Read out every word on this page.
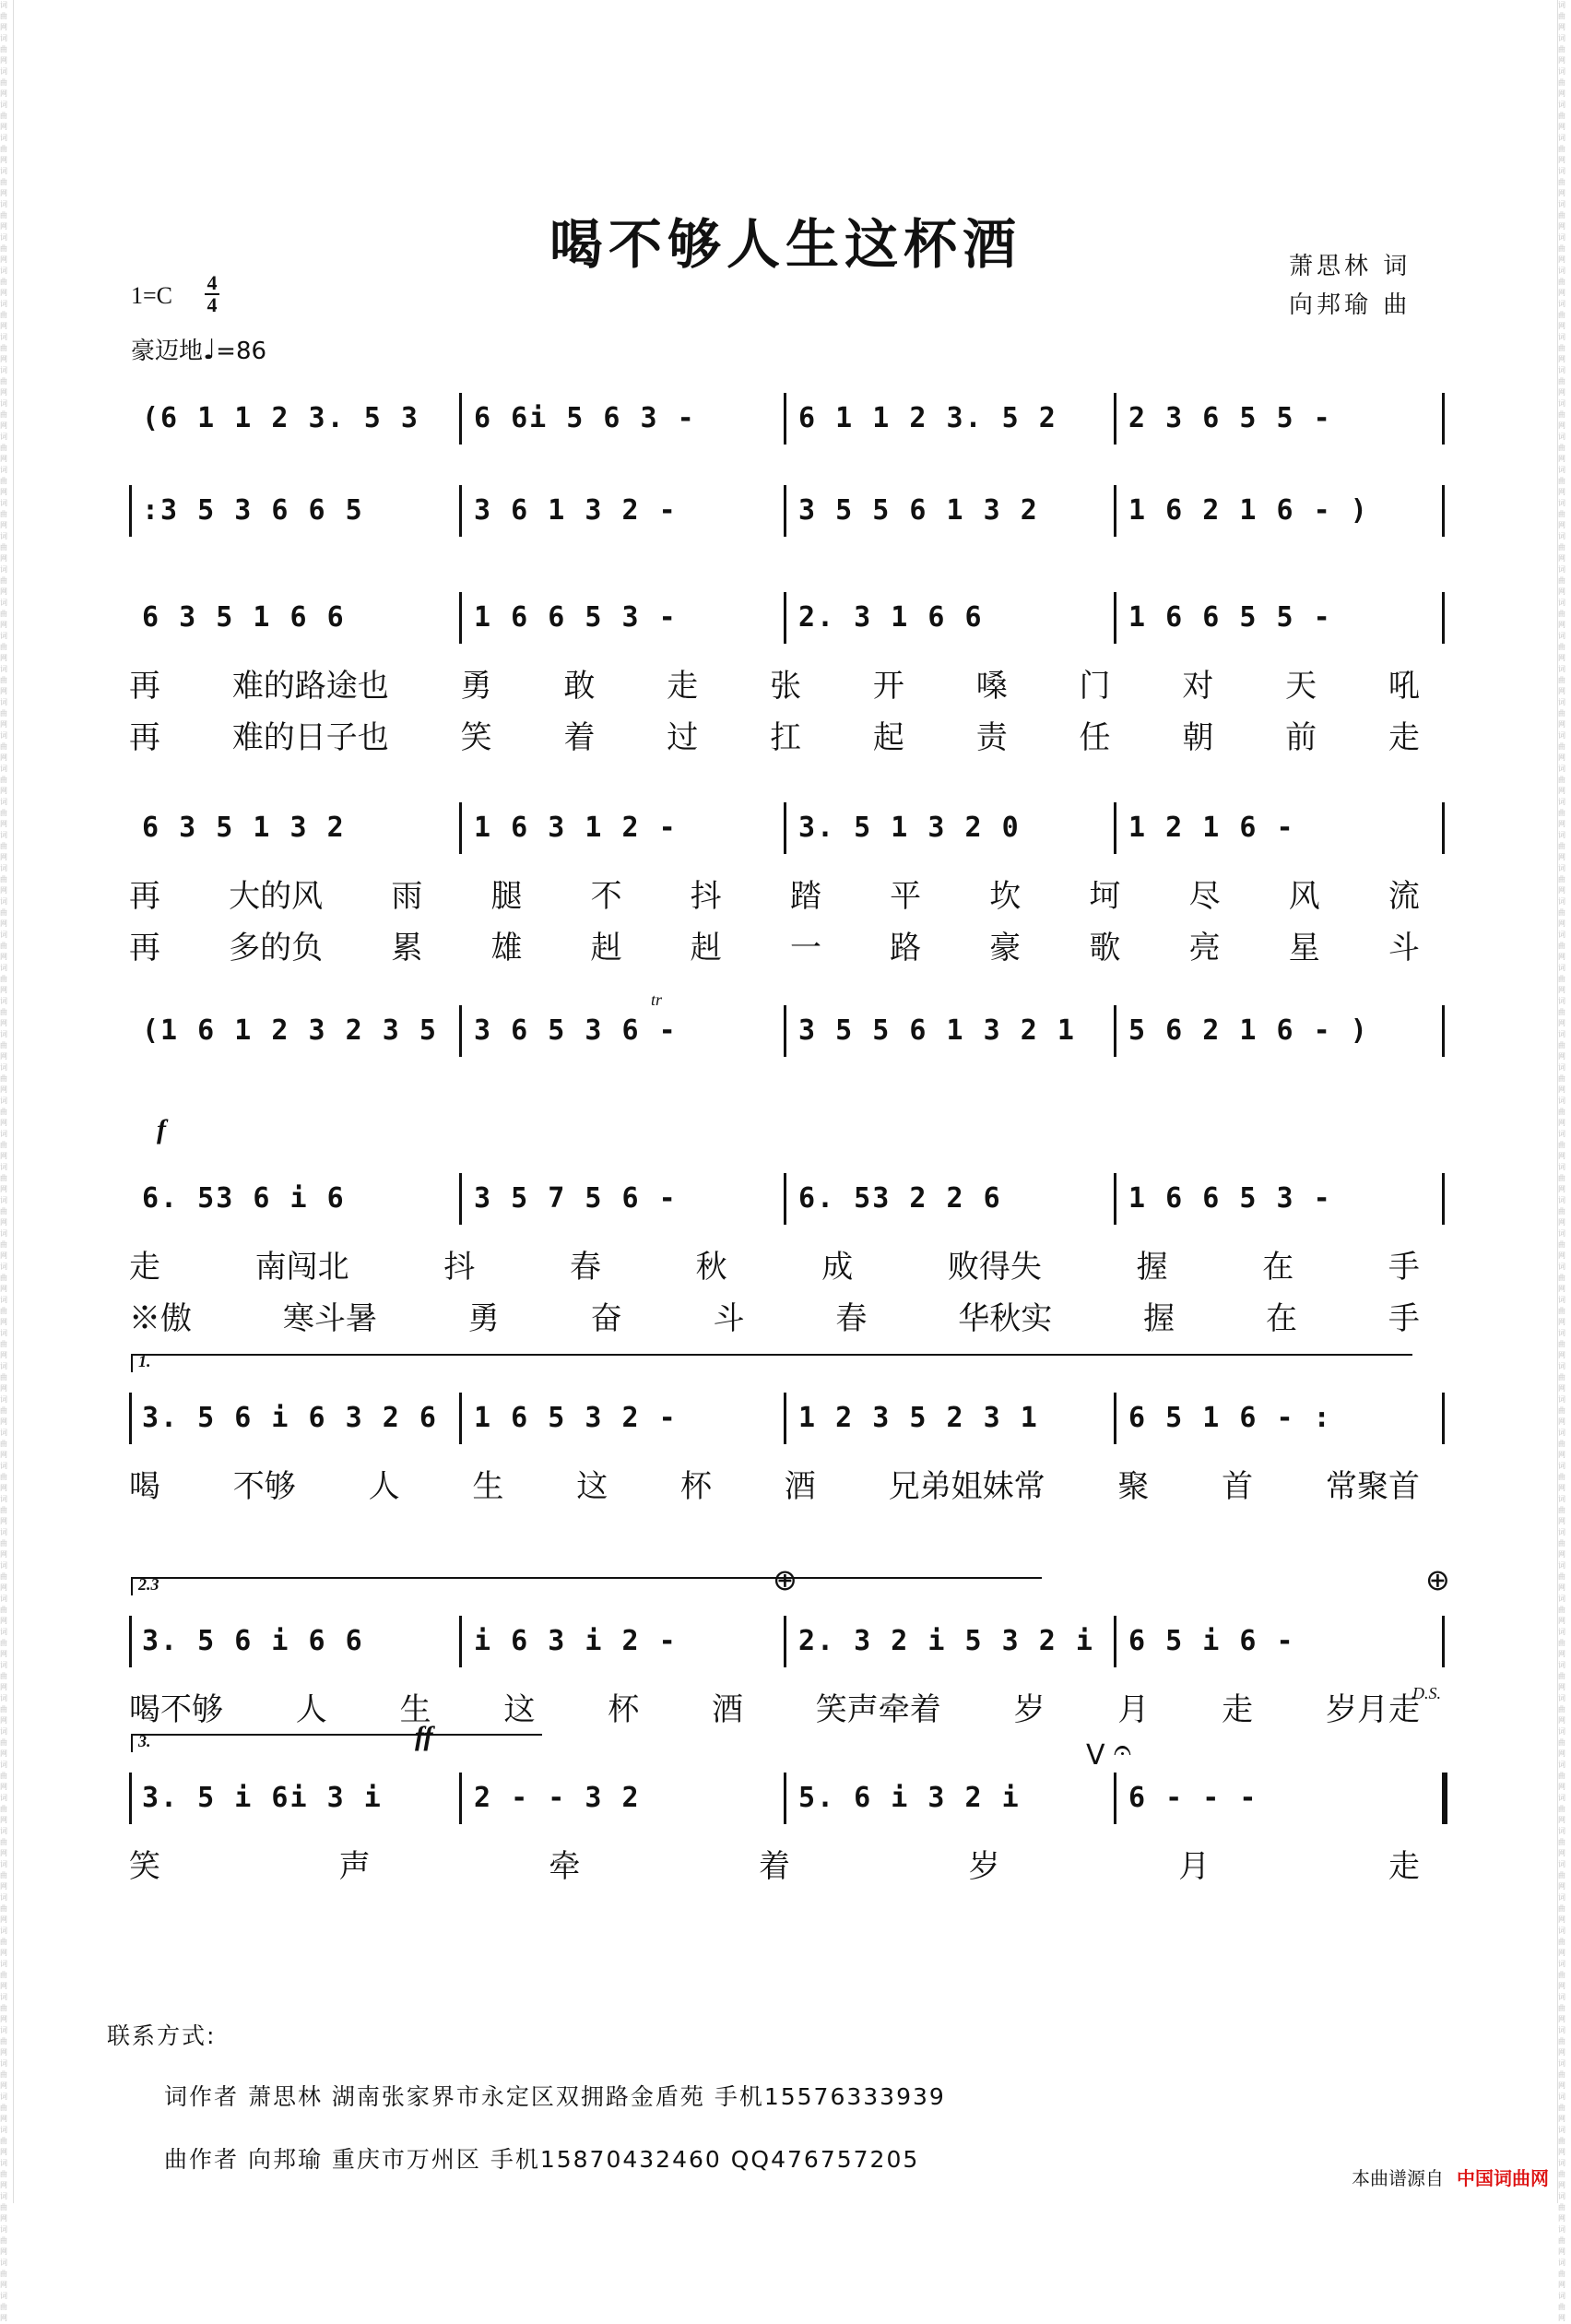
词曲网词曲网词曲网词曲网词曲网词曲网词曲网词曲网词曲网词曲网词曲网词曲网词曲网词曲网词曲网词曲网词曲网词曲网词曲网词曲网词曲网词曲网词曲网词曲网词曲网词曲网词曲网词曲网词曲网词曲网词曲网词曲网词曲网词曲网词曲网词曲网词曲网词曲网词曲网词曲网词曲网词曲网词曲网词曲网词曲网词曲网词曲网词曲网词曲网词曲网词曲网词曲网词曲网词曲网词曲网词曲网词曲网词曲网词曲网词曲网词曲网词曲网词曲网词曲网词曲网词曲网词曲网词曲网词曲网词曲网
词曲网词曲网词曲网词曲网词曲网词曲网词曲网词曲网词曲网词曲网词曲网词曲网词曲网词曲网词曲网词曲网词曲网词曲网词曲网词曲网词曲网词曲网词曲网词曲网词曲网词曲网词曲网词曲网词曲网词曲网词曲网词曲网词曲网词曲网词曲网词曲网词曲网词曲网词曲网词曲网词曲网词曲网词曲网词曲网词曲网词曲网词曲网词曲网词曲网词曲网词曲网词曲网词曲网词曲网词曲网词曲网词曲网词曲网词曲网词曲网词曲网词曲网词曲网词曲网词曲网词曲网词曲网词曲网词曲网词曲网
喝不够人生这杯酒	萧思林 词
向邦瑜 曲
1=C 4
4
豪迈地♩=86
(6 1 1 2 3. 5 3	6 6i 5 6 3 -	6 1 1 2 3. 5 2	2 3 6 5 5 -
:3 5 3 6 6 5	3 6 1 3 2 -	3 5 5 6 1 3 2	1 6 2 1 6 - )
6 3 5 1 6 6	1 6 6 5 3 -	2. 3 1 6 6	1 6 6 5 5 -
再 难的路途也 勇 敢 走 张 开 嗓 门 对 天 吼
再 难的日子也 笑 着 过 扛 起 责 任 朝 前 走
6 3 5 1 3 2	1 6 3 1 2 -	3. 5 1 3 2 0	1 2 1 6 -
再 大的风 雨 腿 不 抖 踏 平 坎 坷 尽 风 流
再 多的负 累 雄 赳 赳 一 路 豪 歌 亮 星 斗
(1 6 1 2 3 2 3 5	3 6 5 3 6 -	3 5 5 6 1 3 2 1	5 6 2 1 6 - )
6. 53 6 i 6	3 5 7 5 6 -	6. 53 2 2 6	1 6 6 5 3 -
走	南闯北	抖	春	秋	成	败得失	握	在	手
※傲	寒斗暑	勇	奋	斗	春	华秋实	握	在	手
1.
3. 5 6 i 6 3 2 6	1 6 5 3 2 -	1 2 3 5 2 3 1	6 5 1 6 - :
喝 不够 人 生 这 杯 酒 兄弟姐妹常 聚 首 常聚首
2.3
3. 5 6 i 6 6	i 6 3 i 2 -	2. 3 2 i 5 3 2 i	6 5 i 6 -
喝不够 人 生 这 杯 酒 笑声牵着 岁 月 走 岁月走
3.
3. 5 i 6i 3 i	2 - - 3 2	5. 6 i 3 2 i	6 - - -
笑	声	牵	着	岁	月	走
tr
f
ff
D.S.
V
⊕	⊕
𝄐
联系方式:
词作者 萧思林 湖南张家界市永定区双拥路金盾苑 手机15576333939
曲作者 向邦瑜 重庆市万州区 手机15870432460 QQ476757205
本曲谱源自 中国词曲网
